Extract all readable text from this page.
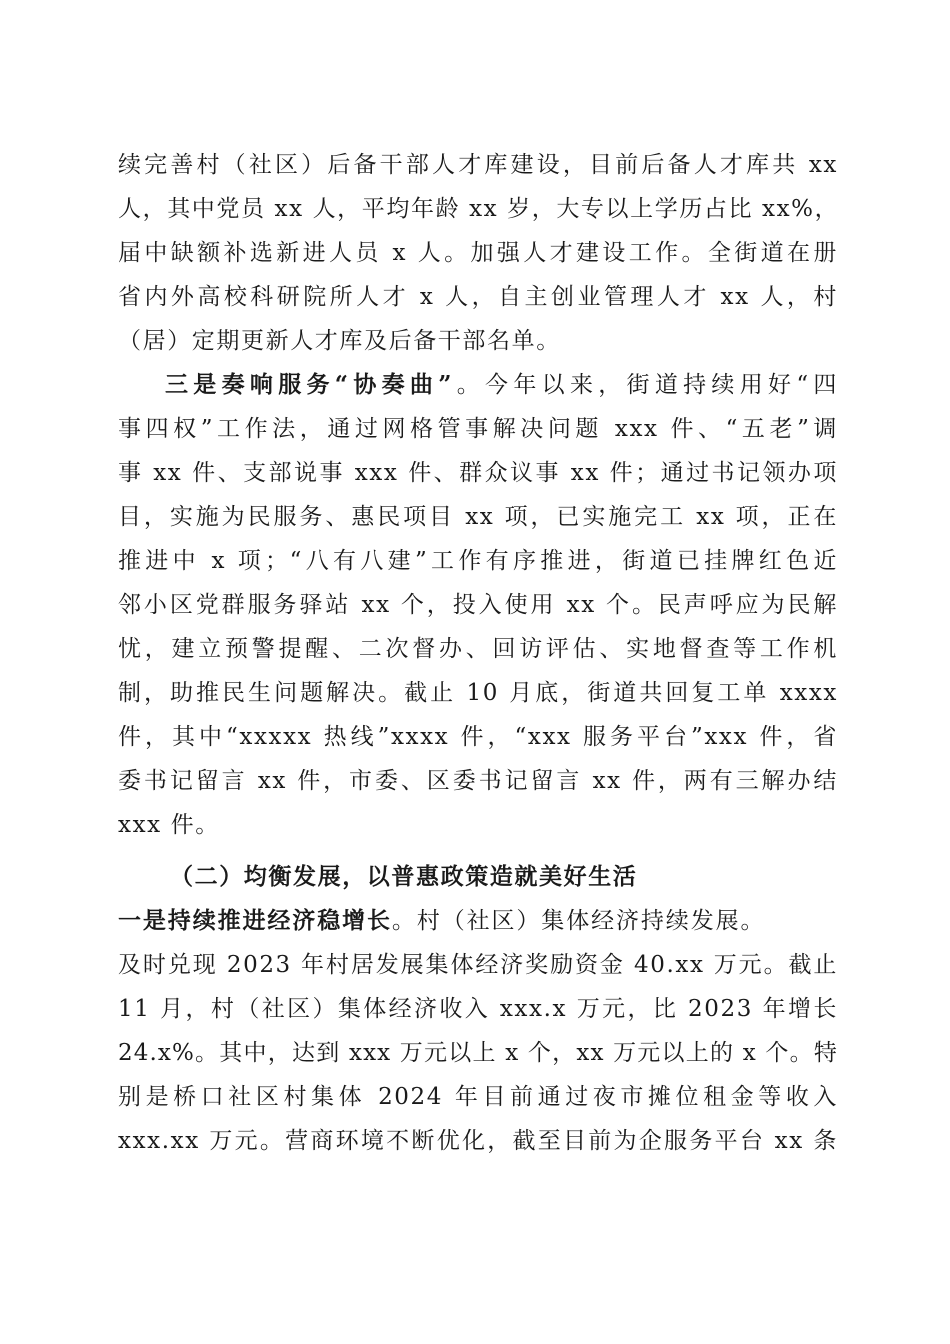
续完善村（社区）后备干部人才库建设，目前后备人才库共 xx
人，其中党员 xx 人，平均年龄 xx 岁，大专以上学历占比 xx%，
届中缺额补选新进人员 x 人。加强人才建设工作。全街道在册
省内外高校科研院所人才 x 人，自主创业管理人才 xx 人，村
（居）定期更新人才库及后备干部名单。
三是奏响服务“协奏曲”。今年以来，街道持续用好“四
事四权”工作法，通过网格管事解决问题 xxx 件、“五老”调
事 xx 件、支部说事 xxx 件、群众议事 xx 件；通过书记领办项
目，实施为民服务、惠民项目 xx 项，已实施完工 xx 项，正在
推进中 x 项；“八有八建”工作有序推进，街道已挂牌红色近
邻小区党群服务驿站 xx 个，投入使用 xx 个。民声呼应为民解
忧，建立预警提醒、二次督办、回访评估、实地督查等工作机
制，助推民生问题解决。截止 10 月底，街道共回复工单 xxxx
件，其中“xxxxx 热线”xxxx 件，“xxx 服务平台”xxx 件，省
委书记留言 xx 件，市委、区委书记留言 xx 件，两有三解办结
xxx 件。
（二）均衡发展，以普惠政策造就美好生活
一是持续推进经济稳增长。村（社区）集体经济持续发展。
及时兑现 2023 年村居发展集体经济奖励资金 40.xx 万元。截止
11 月，村（社区）集体经济收入 xxx.x 万元，比 2023 年增长
24.x%。其中，达到 xxx 万元以上 x 个，xx 万元以上的 x 个。特
别是桥口社区村集体 2024 年目前通过夜市摊位租金等收入
xxx.xx 万元。营商环境不断优化，截至目前为企服务平台 xx 条
